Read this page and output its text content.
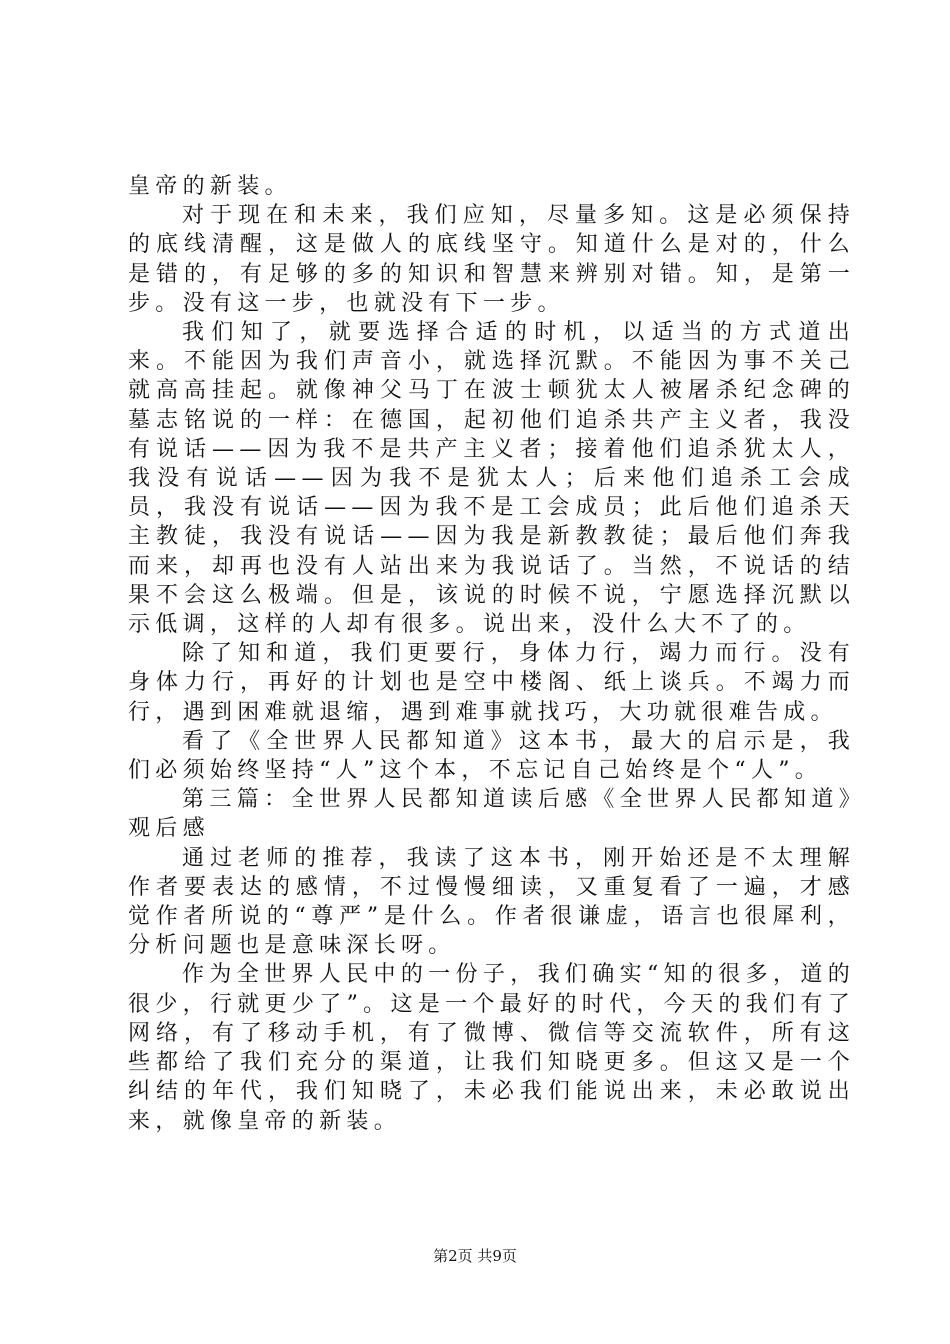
皇帝的新装。

对于现在和未来，我们应知，尽量多知。这是必须保持的底线清醒，这是做人的底线坚守。知道什么是对的，什么是错的，有足够的多的知识和智慧来辨别对错。知，是第一步。没有这一步，也就没有下一步。

我们知了，就要选择合适的时机，以适当的方式道出来。不能因为我们声音小，就选择沉默。不能因为事不关己就高高挂起。就像神父马丁在波士顿犹太人被屠杀纪念碑的墓志铭说的一样：在德国，起初他们追杀共产主义者，我没有说话——因为我不是共产主义者；接着他们追杀犹太人，我没有说话——因为我不是犹太人；后来他们追杀工会成员，我没有说话——因为我不是工会成员；此后他们追杀天主教徒，我没有说话——因为我是新教教徒；最后他们奔我而来，却再也没有人站出来为我说话了。当然，不说话的结果不会这么极端。但是，该说的时候不说，宁愿选择沉默以示低调，这样的人却有很多。说出来，没什么大不了的。

除了知和道，我们更要行，身体力行，竭力而行。没有身体力行，再好的计划也是空中楼阁、纸上谈兵。不竭力而行，遇到困难就退缩，遇到难事就找巧，大功就很难告成。

看了《全世界人民都知道》这本书，最大的启示是，我们必须始终坚持“人”这个本，不忘记自己始终是个“人”。

第三篇：全世界人民都知道读后感《全世界人民都知道》观后感

通过老师的推荐，我读了这本书，刚开始还是不太理解作者要表达的感情，不过慢慢细读，又重复看了一遍，才感觉作者所说的“尊严”是什么。作者很谦虚，语言也很犀利，分析问题也是意味深长呀。

作为全世界人民中的一份子，我们确实“知的很多，道的很少，行就更少了”。这是一个最好的时代，今天的我们有了网络，有了移动手机，有了微博、微信等交流软件，所有这些都给了我们充分的渠道，让我们知晓更多。但这又是一个纠结的年代，我们知晓了，未必我们能说出来，未必敢说出来，就像皇帝的新装。

第2页 共9页
